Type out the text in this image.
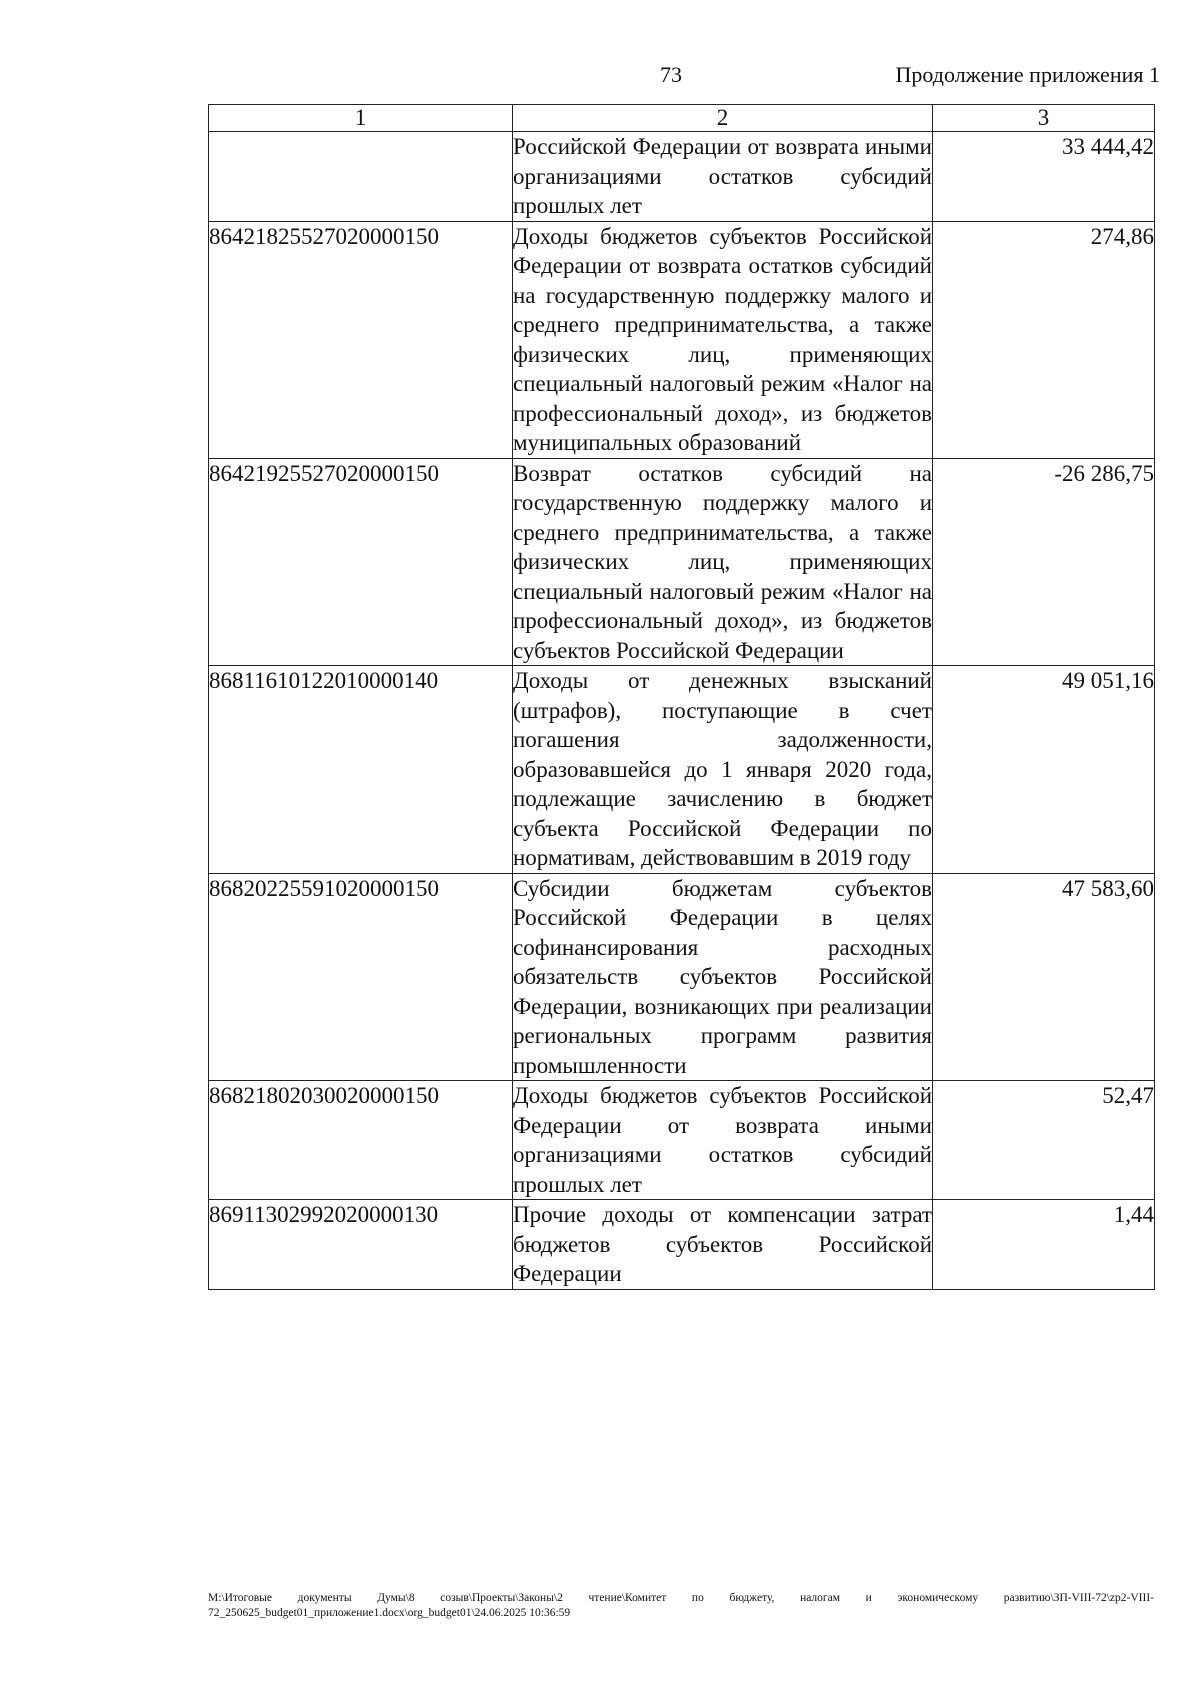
73	Продолжение приложения 1
1	2	3
	Российской Федерации от возврата иными организациями остатков субсидий прошлых лет	33 444,42
86421825527020000150	Доходы бюджетов субъектов Российской Федерации от возврата остатков субсидий на государственную поддержку малого и среднего предпринимательства, а также физических лиц, применяющих специальный налоговый режим «Налог на профессиональный доход», из бюджетов муниципальных образований	274,86
86421925527020000150	Возврат остатков субсидий на государственную поддержку малого и среднего предпринимательства, а также физических лиц, применяющих специальный налоговый режим «Налог на профессиональный доход», из бюджетов субъектов Российской Федерации	-26 286,75
86811610122010000140	Доходы от денежных взысканий (штрафов), поступающие в счет погашения задолженности, образовавшейся до 1 января 2020 года, подлежащие зачислению в бюджет субъекта Российской Федерации по нормативам, действовавшим в 2019 году	49 051,16
86820225591020000150	Субсидии бюджетам субъектов Российской Федерации в целях софинансирования расходных обязательств субъектов Российской Федерации, возникающих при реализации региональных программ развития промышленности	47 583,60
86821802030020000150	Доходы бюджетов субъектов Российской Федерации от возврата иными организациями остатков субсидий прошлых лет	52,47
86911302992020000130	Прочие доходы от компенсации затрат бюджетов субъектов Российской Федерации	1,44
M:\Итоговые документы Думы\8 созыв\Проекты\Законы\2 чтение\Комитет по бюджету, налогам и экономическому развитию\ЗП-VIII-72\zp2-VIII-72_250625_budget01_приложение1.docx\org_budget01\24.06.2025 10:36:59
